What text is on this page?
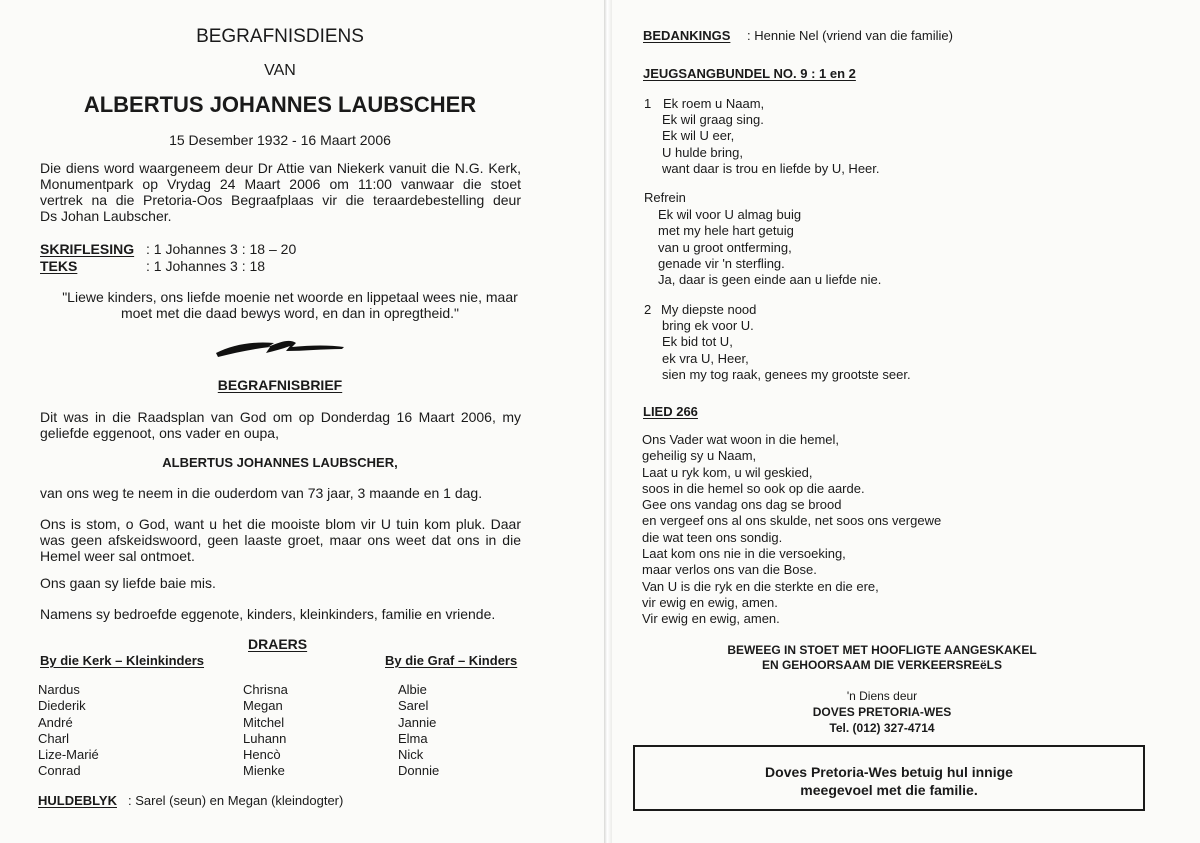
BEGRAFNISDIENS
VAN
ALBERTUS JOHANNES LAUBSCHER
15 Desember 1932 - 16 Maart 2006
Die diens word waargeneem deur Dr Attie van Niekerk vanuit die N.G. Kerk,
Monumentpark op Vrydag 24 Maart 2006 om 11:00 vanwaar die stoet
vertrek na die Pretoria-Oos Begraafplaas vir die teraardebestelling deur
Ds Johan Laubscher.
SKRIFLESING : 1 Johannes 3 : 18 – 20
TEKS	: 1 Johannes 3 : 18
"Liewe kinders, ons liefde moenie net woorde en lippetaal wees nie, maar
moet met die daad bewys word, en dan in opregtheid."
BEGRAFNISBRIEF
Dit was in die Raadsplan van God om op Donderdag 16 Maart 2006, my
geliefde eggenoot, ons vader en oupa,
ALBERTUS JOHANNES LAUBSCHER,
van ons weg te neem in die ouderdom van 73 jaar, 3 maande en 1 dag.
Ons is stom, o God, want u het die mooiste blom vir U tuin kom pluk. Daar
was geen afskeidswoord, geen laaste groet, maar ons weet dat ons in die
Hemel weer sal ontmoet.
Ons gaan sy liefde baie mis.
Namens sy bedroefde eggenote, kinders, kleinkinders, familie en vriende.
DRAERS
By die Kerk – Kleinkinders	By die Graf – Kinders
Nardus
Diederik
André
Charl
Lize-Marié
Conrad
Chrisna
Megan
Mitchel
Luhann
Hencò
Mienke
Albie
Sarel
Jannie
Elma
Nick
Donnie
HULDEBLYK : Sarel (seun) en Megan (kleindogter)
BEDANKINGS : Hennie Nel (vriend van die familie)
JEUGSANGBUNDEL NO. 9 : 1 en 2
1 Ek roem u Naam,
Ek wil graag sing.
Ek wil U eer,
U hulde bring,
want daar is trou en liefde by U, Heer.
Refrein
Ek wil voor U almag buig
met my hele hart getuig
van u groot ontferming,
genade vir 'n sterfling.
Ja, daar is geen einde aan u liefde nie.
2 My diepste nood
bring ek voor U.
Ek bid tot U,
ek vra U, Heer,
sien my tog raak, genees my grootste seer.
LIED 266
Ons Vader wat woon in die hemel,
geheilig sy u Naam,
Laat u ryk kom, u wil geskied,
soos in die hemel so ook op die aarde.
Gee ons vandag ons dag se brood
en vergeef ons al ons skulde, net soos ons vergewe
die wat teen ons sondig.
Laat kom ons nie in die versoeking,
maar verlos ons van die Bose.
Van U is die ryk en die sterkte en die ere,
vir ewig en ewig, amen.
Vir ewig en ewig, amen.
BEWEEG IN STOET MET HOOFLIGTE AANGESKAKEL
EN GEHOORSAAM DIE VERKEERSREëLS
'n Diens deur
DOVES PRETORIA-WES
Tel. (012) 327-4714
Doves Pretoria-Wes betuig hul innige
meegevoel met die familie.
